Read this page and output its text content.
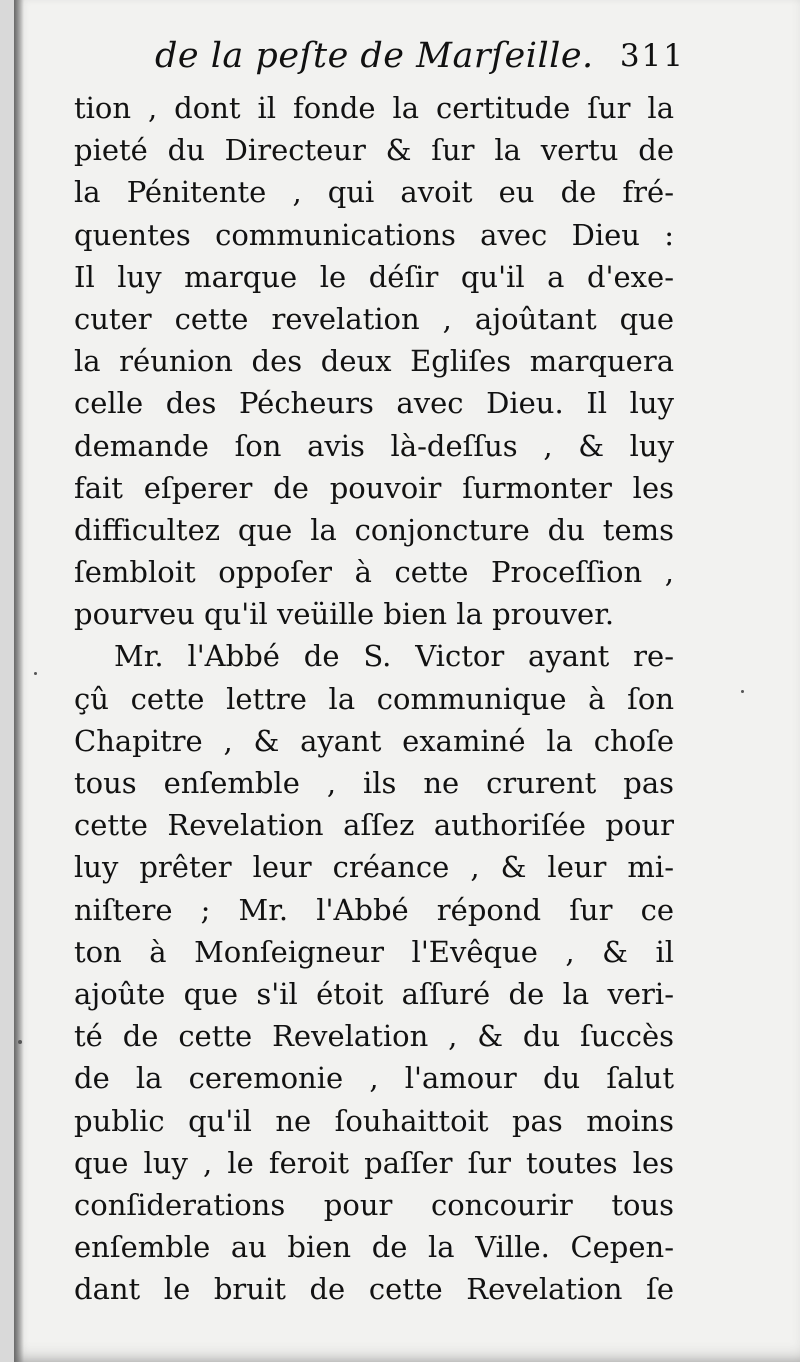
de la peſte de Marſeille. 311
tion , dont il fonde la certitude ſur la
pieté du Directeur & ſur la vertu de
la Pénitente , qui avoit eu de fré-
quentes communications avec Dieu :
Il luy marque le déſir qu'il a d'exe-
cuter cette revelation , ajoûtant que
la réunion des deux Egliſes marquera
celle des Pécheurs avec Dieu. Il luy
demande ſon avis là-deſſus , & luy
fait eſperer de pouvoir ſurmonter les
difficultez que la conjoncture du tems
ſembloit oppoſer à cette Proceſſion ,
pourveu qu'il veüille bien la prouver.
Mr. l'Abbé de S. Victor ayant re-
çû cette lettre la communique à ſon
Chapitre , & ayant examiné la choſe
tous enſemble , ils ne crurent pas
cette Revelation aſſez authoriſée pour
luy prêter leur créance , & leur mi-
niſtere ; Mr. l'Abbé répond ſur ce
ton à Monſeigneur l'Evêque , & il
ajoûte que s'il étoit aſſuré de la veri-
té de cette Revelation , & du ſuccès
de la ceremonie , l'amour du ſalut
public qu'il ne ſouhaittoit pas moins
que luy , le feroit paſſer ſur toutes les
conſiderations pour concourir tous
enſemble au bien de la Ville. Cepen-
dant le bruit de cette Revelation ſe
